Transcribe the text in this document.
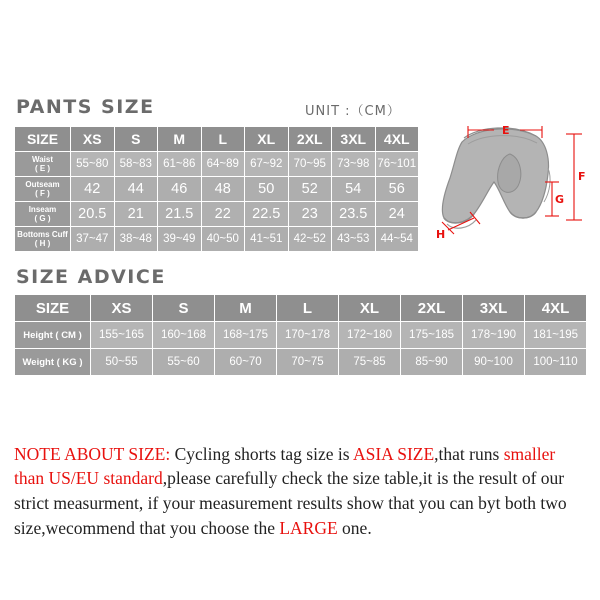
PANTS SIZE	UNIT :（CM）
SIZE	XS	S	M	L	XL	2XL	3XL	4XL

Waist
( E )	55~80	58~83	61~86	64~89	67~92	70~95	73~98	76~101

Outseam
( F )	42	44	46	48	50	52	54	56

Inseam
( G )	20.5	21	21.5	22	22.5	23	23.5	24

Bottoms Cuff
( H )	37~47	38~48	39~49	40~50	41~51	42~52	43~53	44~54
E
F
G
H
SIZE ADVICE
SIZE	XS	S	M	L	XL	2XL	3XL	4XL
Height ( CM )	155~165	160~168	168~175	170~178	172~180	175~185	178~190	181~195
Weight ( KG )	50~55	55~60	60~70	70~75	75~85	85~90	90~100	100~110

NOTE ABOUT SIZE: Cycling shorts tag size is ASIA SIZE,that runs smaller than US/EU standard,please carefully check the size table,it is the result of our strict measurment, if your measurement results show that you can byt both two size,wecommend that you choose the LARGE one.
